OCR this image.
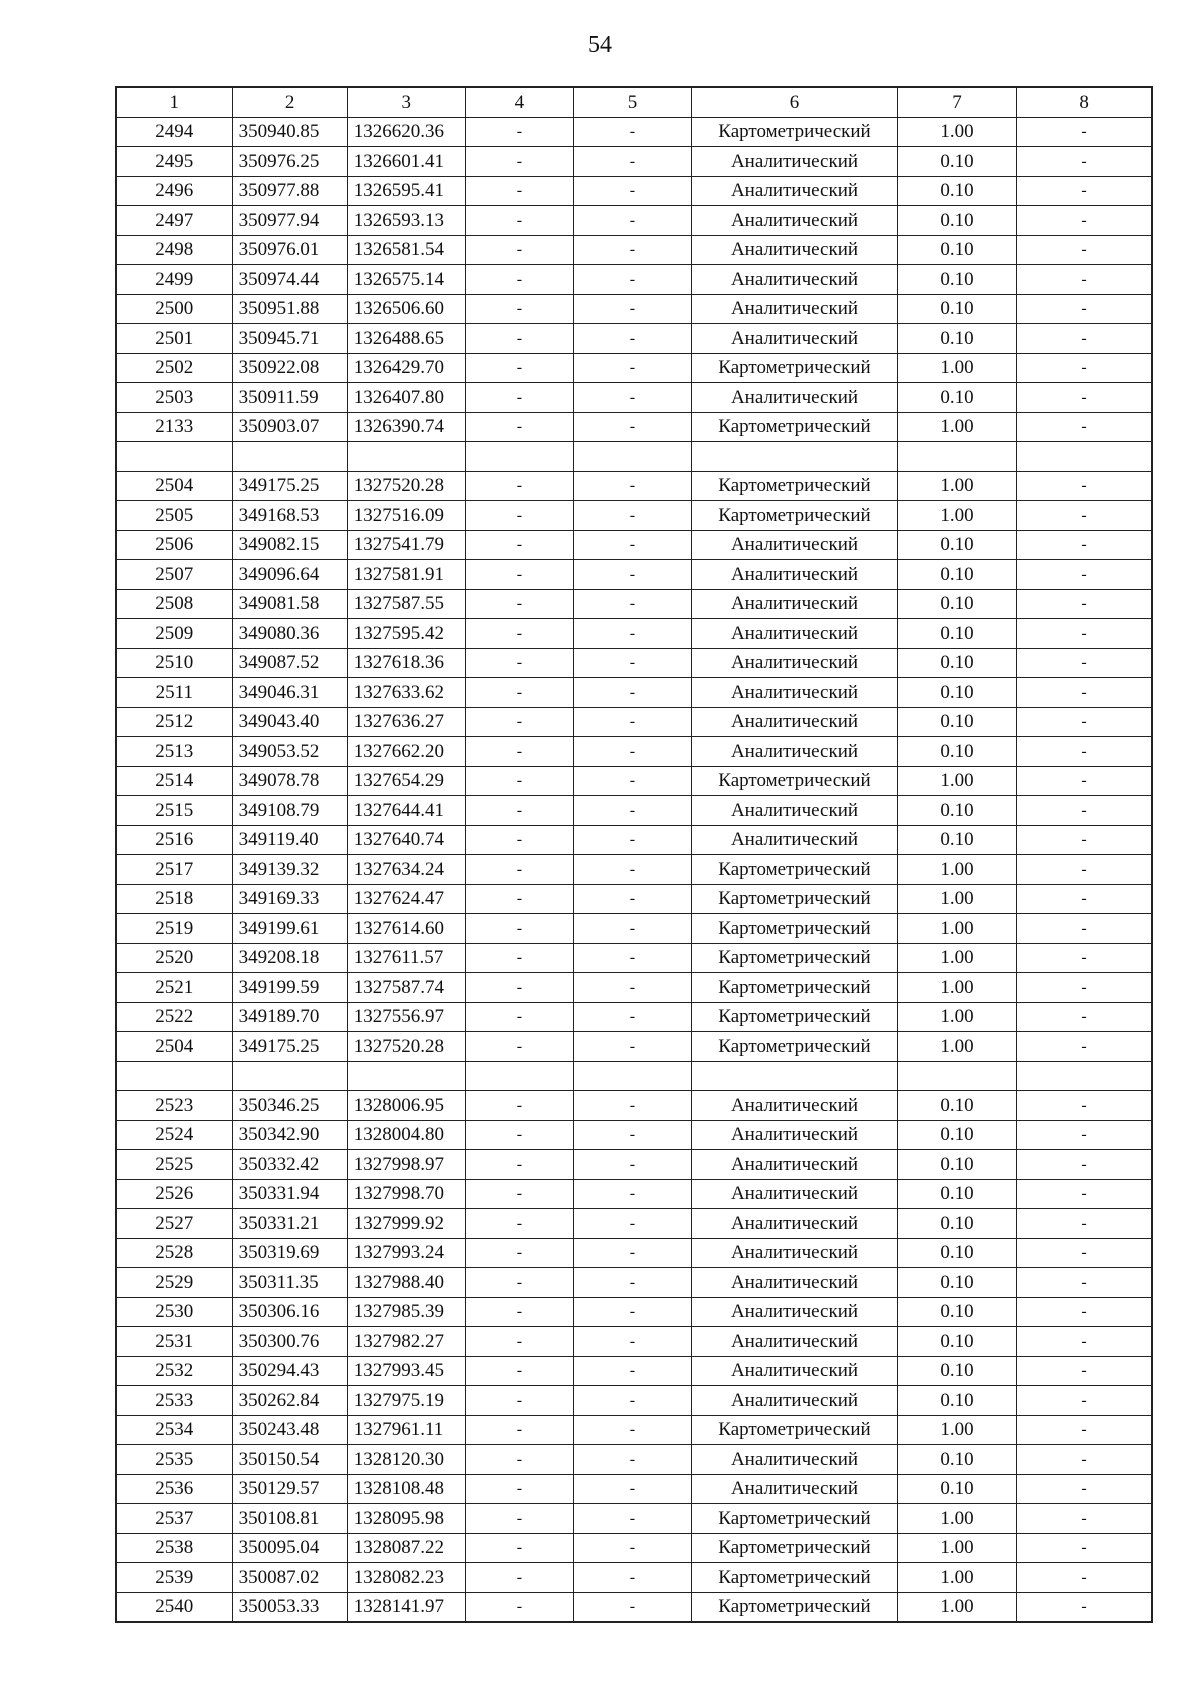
54
1	2	3	4	5	6	7	8
2494	350940.85	1326620.36	-	-	Картометрический	1.00	-
2495	350976.25	1326601.41	-	-	Аналитический	0.10	-
2496	350977.88	1326595.41	-	-	Аналитический	0.10	-
2497	350977.94	1326593.13	-	-	Аналитический	0.10	-
2498	350976.01	1326581.54	-	-	Аналитический	0.10	-
2499	350974.44	1326575.14	-	-	Аналитический	0.10	-
2500	350951.88	1326506.60	-	-	Аналитический	0.10	-
2501	350945.71	1326488.65	-	-	Аналитический	0.10	-
2502	350922.08	1326429.70	-	-	Картометрический	1.00	-
2503	350911.59	1326407.80	-	-	Аналитический	0.10	-
2133	350903.07	1326390.74	-	-	Картометрический	1.00	-

2504	349175.25	1327520.28	-	-	Картометрический	1.00	-
2505	349168.53	1327516.09	-	-	Картометрический	1.00	-
2506	349082.15	1327541.79	-	-	Аналитический	0.10	-
2507	349096.64	1327581.91	-	-	Аналитический	0.10	-
2508	349081.58	1327587.55	-	-	Аналитический	0.10	-
2509	349080.36	1327595.42	-	-	Аналитический	0.10	-
2510	349087.52	1327618.36	-	-	Аналитический	0.10	-
2511	349046.31	1327633.62	-	-	Аналитический	0.10	-
2512	349043.40	1327636.27	-	-	Аналитический	0.10	-
2513	349053.52	1327662.20	-	-	Аналитический	0.10	-
2514	349078.78	1327654.29	-	-	Картометрический	1.00	-
2515	349108.79	1327644.41	-	-	Аналитический	0.10	-
2516	349119.40	1327640.74	-	-	Аналитический	0.10	-
2517	349139.32	1327634.24	-	-	Картометрический	1.00	-
2518	349169.33	1327624.47	-	-	Картометрический	1.00	-
2519	349199.61	1327614.60	-	-	Картометрический	1.00	-
2520	349208.18	1327611.57	-	-	Картометрический	1.00	-
2521	349199.59	1327587.74	-	-	Картометрический	1.00	-
2522	349189.70	1327556.97	-	-	Картометрический	1.00	-
2504	349175.25	1327520.28	-	-	Картометрический	1.00	-

2523	350346.25	1328006.95	-	-	Аналитический	0.10	-
2524	350342.90	1328004.80	-	-	Аналитический	0.10	-
2525	350332.42	1327998.97	-	-	Аналитический	0.10	-
2526	350331.94	1327998.70	-	-	Аналитический	0.10	-
2527	350331.21	1327999.92	-	-	Аналитический	0.10	-
2528	350319.69	1327993.24	-	-	Аналитический	0.10	-
2529	350311.35	1327988.40	-	-	Аналитический	0.10	-
2530	350306.16	1327985.39	-	-	Аналитический	0.10	-
2531	350300.76	1327982.27	-	-	Аналитический	0.10	-
2532	350294.43	1327993.45	-	-	Аналитический	0.10	-
2533	350262.84	1327975.19	-	-	Аналитический	0.10	-
2534	350243.48	1327961.11	-	-	Картометрический	1.00	-
2535	350150.54	1328120.30	-	-	Аналитический	0.10	-
2536	350129.57	1328108.48	-	-	Аналитический	0.10	-
2537	350108.81	1328095.98	-	-	Картометрический	1.00	-
2538	350095.04	1328087.22	-	-	Картометрический	1.00	-
2539	350087.02	1328082.23	-	-	Картометрический	1.00	-
2540	350053.33	1328141.97	-	-	Картометрический	1.00	-
